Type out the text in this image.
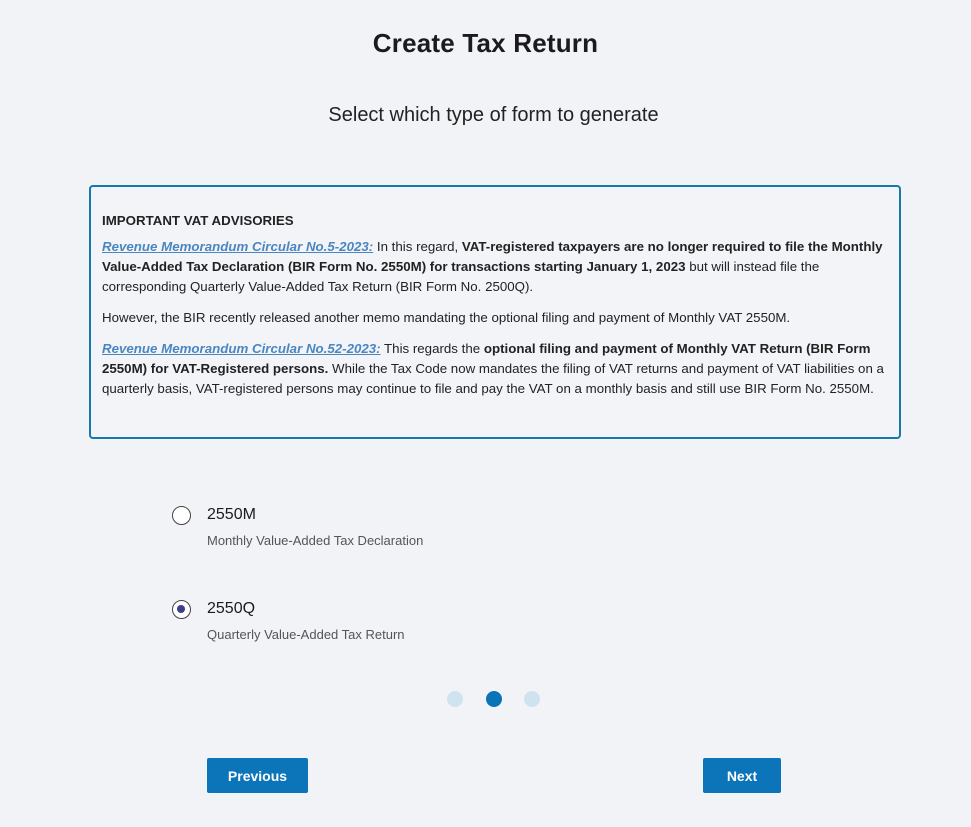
Create Tax Return
Select which type of form to generate
IMPORTANT VAT ADVISORIES

Revenue Memorandum Circular No.5-2023: In this regard, VAT-registered taxpayers are no longer required to file the Monthly Value-Added Tax Declaration (BIR Form No. 2550M) for transactions starting January 1, 2023 but will instead file the corresponding Quarterly Value-Added Tax Return (BIR Form No. 2500Q).

However, the BIR recently released another memo mandating the optional filing and payment of Monthly VAT 2550M.

Revenue Memorandum Circular No.52-2023: This regards the optional filing and payment of Monthly VAT Return (BIR Form 2550M) for VAT-Registered persons. While the Tax Code now mandates the filing of VAT returns and payment of VAT liabilities on a quarterly basis, VAT-registered persons may continue to file and pay the VAT on a monthly basis and still use BIR Form No. 2550M.

2550M
Monthly Value-Added Tax Declaration
2550Q
Quarterly Value-Added Tax Return
Previous	Next
